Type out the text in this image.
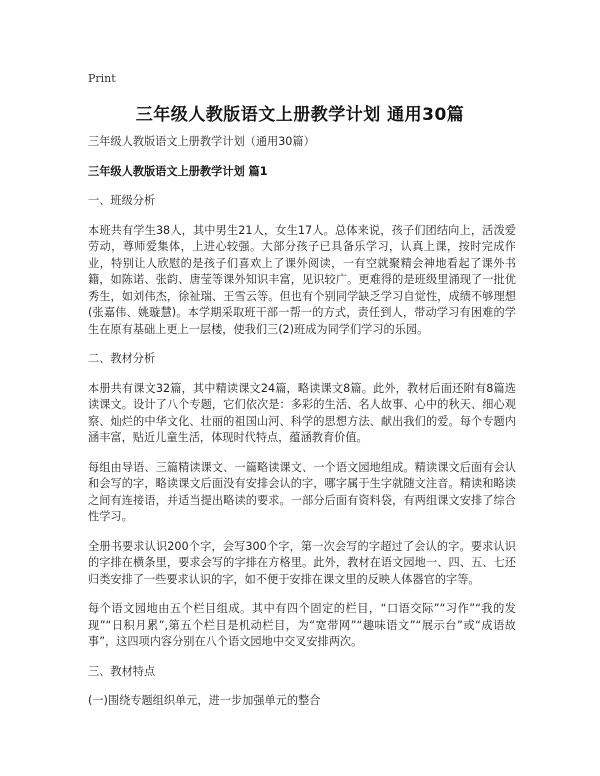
Print
三年级人教版语文上册教学计划 通用30篇

三年级人教版语文上册教学计划（通用30篇）

三年级人教版语文上册教学计划 篇1

一、班级分析

本班共有学生38人，其中男生21人，女生17人。总体来说，孩子们团结向上，活泼爱劳动，尊师爱集体，上进心较强。大部分孩子已具备乐学习，认真上课，按时完成作业，特别让人欣慰的是孩子们喜欢上了课外阅读，一有空就聚精会神地看起了课外书籍，如陈诺、张韵、唐莹等课外知识丰富，见识较广。更难得的是班级里涌现了一批优秀生，如刘伟杰，徐祉瑞、王雪云等。但也有个别同学缺乏学习自觉性，成绩不够理想(张嘉伟、姚璇慧)。本学期采取班干部一帮一的方式，责任到人，带动学习有困难的学生在原有基础上更上一层楼，使我们三(2)班成为同学们学习的乐园。

二、教材分析

本册共有课文32篇，其中精读课文24篇，略读课文8篇。此外，教材后面还附有8篇选读课文。设计了八个专题，它们依次是：多彩的生活、名人故事、心中的秋天、细心观察、灿烂的中华文化、壮丽的祖国山河、科学的思想方法、献出我们的爱。每个专题内涵丰富，贴近儿童生活，体现时代特点，蕴涵教育价值。

每组由导语、三篇精读课文、一篇略读课文、一个语文园地组成。精读课文后面有会认和会写的字，略读课文后面没有安排会认的字，哪字属于生字就随文注音。精读和略读之间有连接语，并适当提出略读的要求。一部分后面有资料袋，有两组课文安排了综合性学习。

全册书要求认识200个字，会写300个字，第一次会写的字超过了会认的字。要求认识的字排在横条里，要求会写的字排在方格里。此外，教材在语文园地一、四、五、七还归类安排了一些要求认识的字，如不便于安排在课文里的反映人体器官的字等。

每个语文园地由五个栏目组成。其中有四个固定的栏目，“口语交际”“习作”“我的发现”“日积月累”,第五个栏目是机动栏目，为“宽带网”“趣味语文”“展示台”或“成语故事”，这四项内容分别在八个语文园地中交叉安排两次。

三、教材特点

(一)围绕专题组织单元，进一步加强单元的整合
